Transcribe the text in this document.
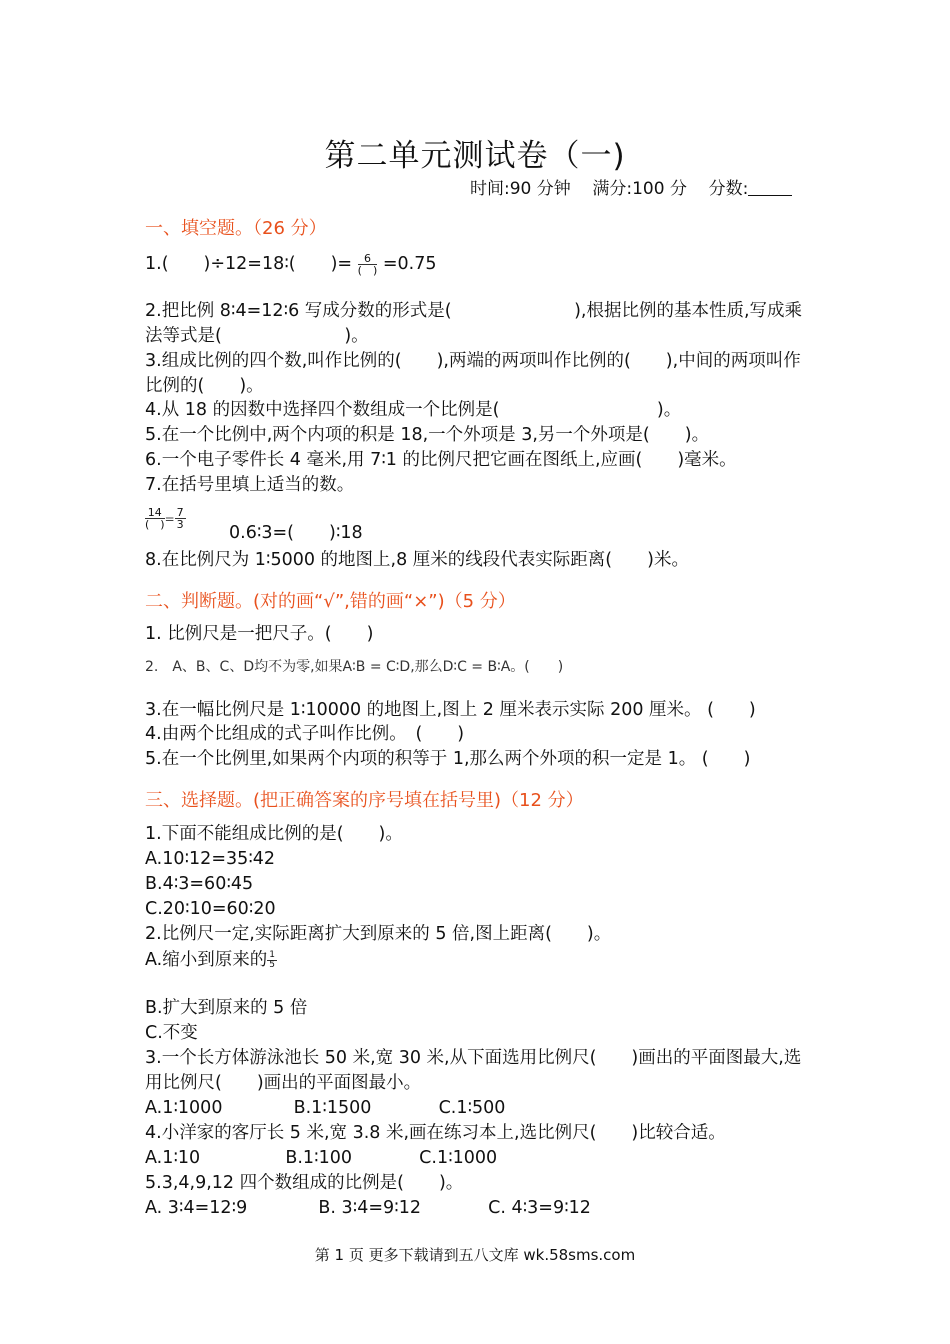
第二单元测试卷（一)
时间:90 分钟 满分:100 分 分数:
一、填空题。（26 分）
1.(　　)÷12=18∶(　　)= $\frac{6}{( )} =0.75$
2.把比例 8∶4=12∶6 写成分数的形式是(　　　　　　　),根据比例的基本性质,写成乘法等式是(　　　　　　　)。
3.组成比例的四个数,叫作比例的(　　),两端的两项叫作比例的(　　),中间的两项叫作比例的(　　)。
4.从 18 的因数中选择四个数组成一个比例是(　　　　　　　　　)。
5.在一个比例中,两个内项的积是 18,一个外项是 3,另一个外项是(　　)。
6.一个电子零件长 4 毫米,用 7∶1 的比例尺把它画在图纸上,应画(　　)毫米。
7.在括号里填上适当的数。
$\frac{14}{( )} = \frac{7}{3}$
0.6∶3=(　　)∶18
8.在比例尺为 1∶5000 的地图上,8 厘米的线段代表实际距离(　　)米。
二、判断题。(对的画“√”,错的画“×”)（5 分）
1. 比例尺是一把尺子。(　　)
2.　A、B、C、D均不为零,如果A∶B = C∶D,那么D∶C = B∶A。(　　)
3.在一幅比例尺是 1∶10000 的地图上,图上 2 厘米表示实际 200 厘米。 (　　)
4.由两个比组成的式子叫作比例。　(　　)
5.在一个比例里,如果两个内项的积等于 1,那么两个外项的积一定是 1。 (　　)
三、选择题。(把正确答案的序号填在括号里)（12 分）
1.下面不能组成比例的是(　　)。
A.10∶12=35∶42
B.4∶3=60∶45
C.20∶10=60∶20
2.比例尺一定,实际距离扩大到原来的 5 倍,图上距离(　　)。
A.缩小到原来的 $\frac{1}{5}$
B.扩大到原来的 5 倍
C.不变
3.一个长方体游泳池长 50 米,宽 30 米,从下面选用比例尺(　　)画出的平面图最大,选用比例尺(　　)画出的平面图最小。
A.1∶1000	B.1∶1500	C.1∶500
4.小洋家的客厅长 5 米,宽 3.8 米,画在练习本上,选比例尺(　　)比较合适。
A.1∶10	B.1∶100	C.1∶1000
5.3,4,9,12 四个数组成的比例是(　　)。
A. 3∶4=12∶9	B. 3∶4=9∶12	C. 4∶3=9∶12
第 1 页 更多下载请到五八文库 wk.58sms.com
